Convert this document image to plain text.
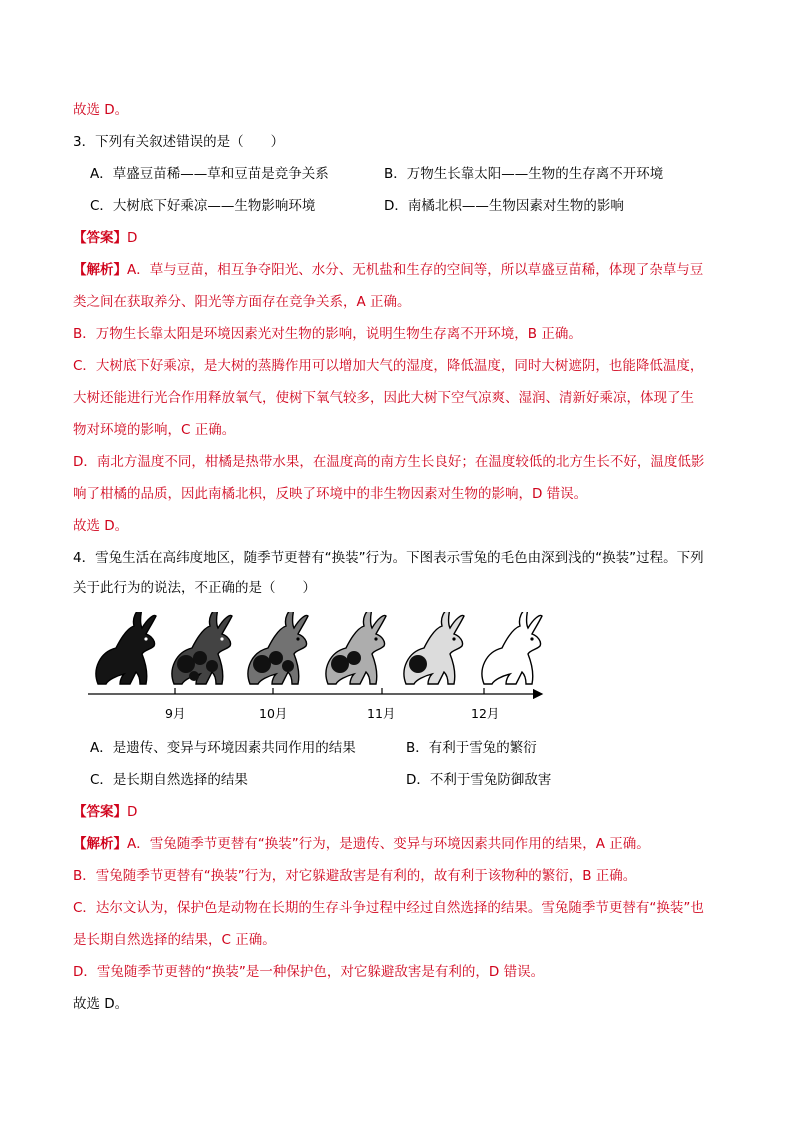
故选 D。
3．下列有关叙述错误的是（　　）
A．草盛豆苗稀——草和豆苗是竞争关系	B．万物生长靠太阳——生物的生存离不开环境
C．大树底下好乘凉——生物影响环境	D．南橘北枳——生物因素对生物的影响
【答案】D
【解析】A．草与豆苗，相互争夺阳光、水分、无机盐和生存的空间等，所以草盛豆苗稀，体现了杂草与豆
类之间在获取养分、阳光等方面存在竞争关系，A 正确。
B．万物生长靠太阳是环境因素光对生物的影响，说明生物生存离不开环境，B 正确。
C．大树底下好乘凉，是大树的蒸腾作用可以增加大气的湿度，降低温度，同时大树遮阴，也能降低温度，
大树还能进行光合作用释放氧气，使树下氧气较多，因此大树下空气凉爽、湿润、清新好乘凉，体现了生
物对环境的影响，C 正确。
D．南北方温度不同，柑橘是热带水果，在温度高的南方生长良好；在温度较低的北方生长不好，温度低影
响了柑橘的品质，因此南橘北枳，反映了环境中的非生物因素对生物的影响，D 错误。
故选 D。
4．雪兔生活在高纬度地区，随季节更替有“换装”行为。下图表示雪兔的毛色由深到浅的“换装”过程。下列
关于此行为的说法，不正确的是（　　）
9月	10月	11月	12月
A．是遗传、变异与环境因素共同作用的结果	B．有利于雪兔的繁衍
C．是长期自然选择的结果	D．不利于雪兔防御敌害
【答案】D
【解析】A．雪兔随季节更替有“换装”行为，是遗传、变异与环境因素共同作用的结果，A 正确。
B．雪兔随季节更替有“换装”行为，对它躲避敌害是有利的，故有利于该物种的繁衍，B 正确。
C．达尔文认为，保护色是动物在长期的生存斗争过程中经过自然选择的结果。雪兔随季节更替有“换装”也
是长期自然选择的结果，C 正确。
D．雪兔随季节更替的“换装”是一种保护色，对它躲避敌害是有利的，D 错误。
故选 D。
